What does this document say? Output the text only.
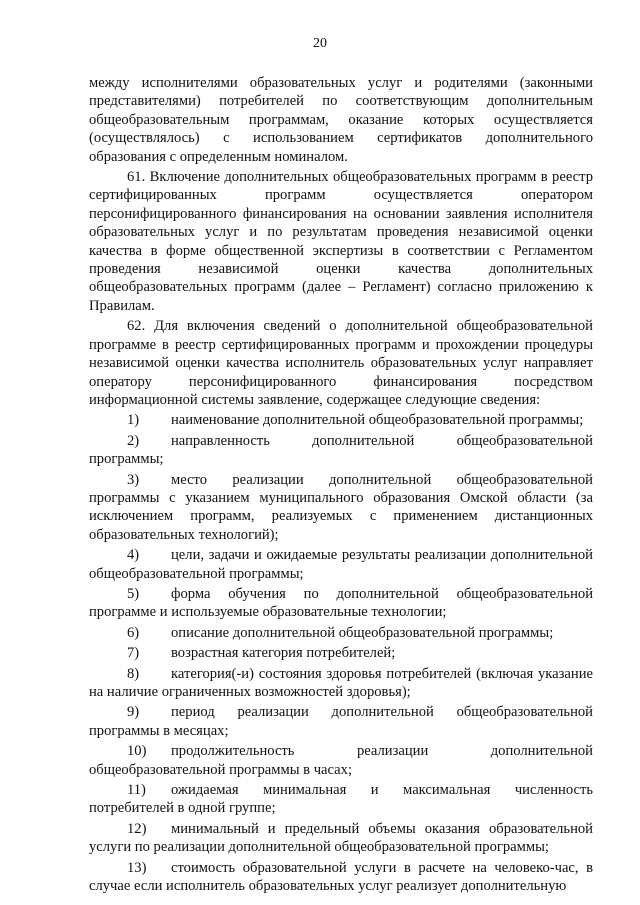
20

между исполнителями образовательных услуг и родителями (законными представителями) потребителей по соответствующим дополнительным общеобразовательным программам, оказание которых осуществляется (осуществлялось) с использованием сертификатов дополнительного образования с определенным номиналом.

61. Включение дополнительных общеобразовательных программ в реестр сертифицированных программ осуществляется оператором персонифицированного финансирования на основании заявления исполнителя образовательных услуг и по результатам проведения независимой оценки качества в форме общественной экспертизы в соответствии с Регламентом проведения независимой оценки качества дополнительных общеобразовательных программ (далее – Регламент) согласно приложению к Правилам.

62. Для включения сведений о дополнительной общеобразовательной программе в реестр сертифицированных программ и прохождении процедуры независимой оценки качества исполнитель образовательных услуг направляет оператору персонифицированного финансирования посредством информационной системы заявление, содержащее следующие сведения:

1) наименование дополнительной общеобразовательной программы;
2) направленность дополнительной общеобразовательной программы;
3) место реализации дополнительной общеобразовательной программы с указанием муниципального образования Омской области (за исключением программ, реализуемых с применением дистанционных образовательных технологий);
4) цели, задачи и ожидаемые результаты реализации дополнительной общеобразовательной программы;
5) форма обучения по дополнительной общеобразовательной программе и используемые образовательные технологии;
6) описание дополнительной общеобразовательной программы;
7) возрастная категория потребителей;
8) категория(-и) состояния здоровья потребителей (включая указание на наличие ограниченных возможностей здоровья);
9) период реализации дополнительной общеобразовательной программы в месяцах;
10) продолжительность реализации дополнительной общеобразовательной программы в часах;
11) ожидаемая минимальная и максимальная численность потребителей в одной группе;
12) минимальный и предельный объемы оказания образовательной услуги по реализации дополнительной общеобразовательной программы;
13) стоимость образовательной услуги в расчете на человеко-час, в случае если исполнитель образовательных услуг реализует дополнительную
